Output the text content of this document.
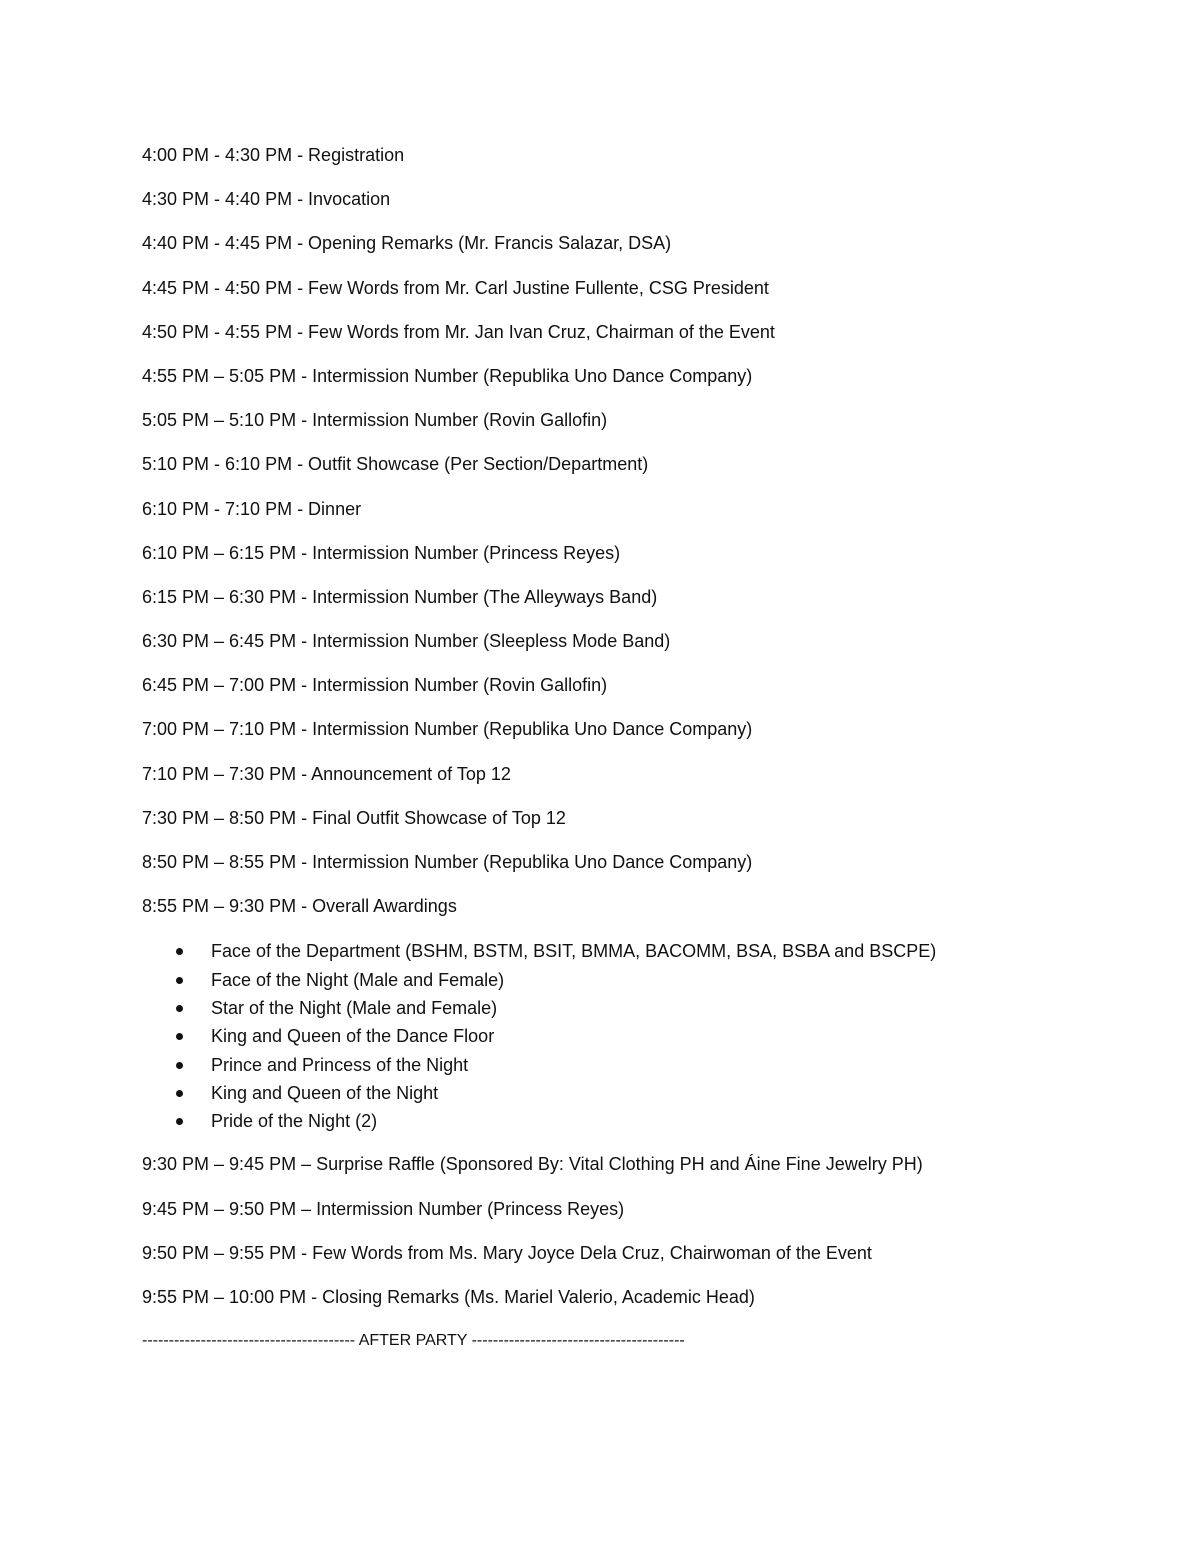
4:00 PM - 4:30 PM - Registration
4:30 PM - 4:40 PM - Invocation
4:40 PM - 4:45 PM - Opening Remarks (Mr. Francis Salazar, DSA)
4:45 PM - 4:50 PM - Few Words from Mr. Carl Justine Fullente, CSG President
4:50 PM - 4:55 PM - Few Words from Mr. Jan Ivan Cruz, Chairman of the Event
4:55 PM – 5:05 PM - Intermission Number (Republika Uno Dance Company)
5:05 PM – 5:10 PM - Intermission Number (Rovin Gallofin)
5:10 PM - 6:10 PM - Outfit Showcase (Per Section/Department)
6:10 PM - 7:10 PM - Dinner
6:10 PM – 6:15 PM - Intermission Number (Princess Reyes)
6:15 PM – 6:30 PM - Intermission Number (The Alleyways Band)
6:30 PM – 6:45 PM - Intermission Number (Sleepless Mode Band)
6:45 PM – 7:00 PM - Intermission Number (Rovin Gallofin)
7:00 PM – 7:10 PM - Intermission Number (Republika Uno Dance Company)
7:10 PM – 7:30 PM - Announcement of Top 12
7:30 PM – 8:50 PM - Final Outfit Showcase of Top 12
8:50 PM – 8:55 PM - Intermission Number (Republika Uno Dance Company)
8:55 PM – 9:30 PM - Overall Awardings
Face of the Department (BSHM, BSTM, BSIT, BMMA, BACOMM, BSA, BSBA and BSCPE)
Face of the Night (Male and Female)
Star of the Night (Male and Female)
King and Queen of the Dance Floor
Prince and Princess of the Night
King and Queen of the Night
Pride of the Night (2)
9:30 PM – 9:45 PM – Surprise Raffle (Sponsored By: Vital Clothing PH and Áine Fine Jewelry PH)
9:45 PM – 9:50 PM – Intermission Number (Princess Reyes)
9:50 PM – 9:55 PM - Few Words from Ms. Mary Joyce Dela Cruz, Chairwoman of the Event
9:55 PM – 10:00 PM - Closing Remarks (Ms. Mariel Valerio, Academic Head)
---------------------------------------- AFTER PARTY ----------------------------------------
